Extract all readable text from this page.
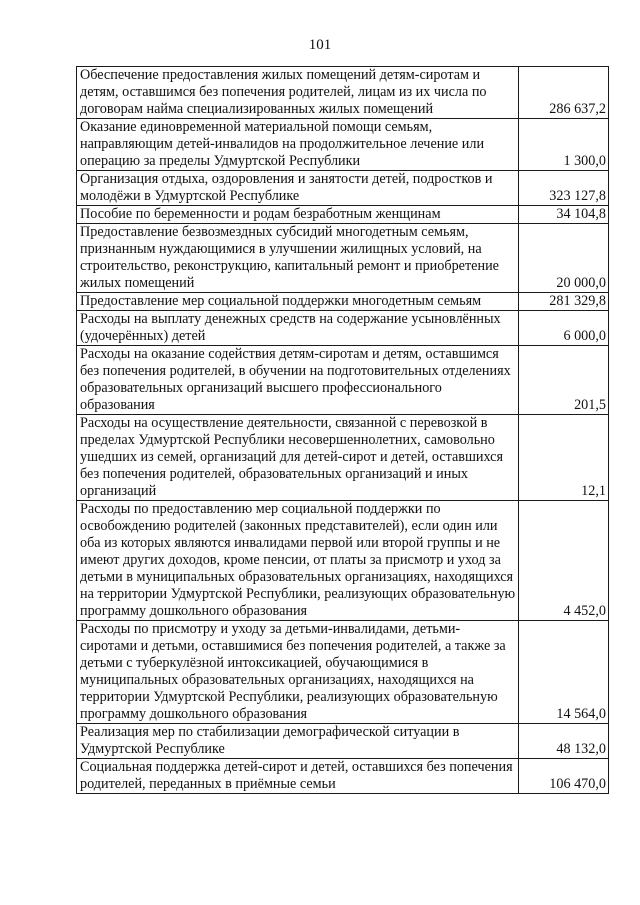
101
Обеспечение предоставления жилых помещений детям-сиротам и детям, оставшимся без попечения родителей, лицам из их числа по договорам найма специализированных жилых помещений	286 637,2
Оказание единовременной материальной помощи семьям, направляющим детей-инвалидов на продолжительное лечение или операцию за пределы Удмуртской Республики	1 300,0
Организация отдыха, оздоровления и занятости детей, подростков и молодёжи в Удмуртской Республике	323 127,8
Пособие по беременности и родам безработным женщинам	34 104,8
Предоставление безвозмездных субсидий многодетным семьям, признанным нуждающимися в улучшении жилищных условий, на строительство, реконструкцию, капитальный ремонт и приобретение жилых помещений	20 000,0
Предоставление мер социальной поддержки многодетным семьям	281 329,8
Расходы на выплату денежных средств на содержание усыновлённых (удочерённых) детей	6 000,0
Расходы на оказание содействия детям-сиротам и детям, оставшимся без попечения родителей, в обучении на подготовительных отделениях образовательных организаций высшего профессионального образования	201,5
Расходы на осуществление деятельности, связанной с перевозкой в пределах Удмуртской Республики несовершеннолетних, самовольно ушедших из семей, организаций для детей-сирот и детей, оставшихся без попечения родителей, образовательных организаций и иных организаций	12,1
Расходы по предоставлению мер социальной поддержки по освобождению родителей (законных представителей), если один или оба из которых являются инвалидами первой или второй группы и не имеют других доходов, кроме пенсии, от платы за присмотр и уход за детьми в муниципальных образовательных организациях, находящихся на территории Удмуртской Республики, реализующих образовательную программу дошкольного образования	4 452,0
Расходы по присмотру и уходу за детьми-инвалидами, детьми-сиротами и детьми, оставшимися без попечения родителей, а также за детьми с туберкулёзной интоксикацией, обучающимися в муниципальных образовательных организациях, находящихся на территории Удмуртской Республики, реализующих образовательную программу дошкольного образования	14 564,0
Реализация мер по стабилизации демографической ситуации в Удмуртской Республике	48 132,0
Социальная поддержка детей-сирот и детей, оставшихся без попечения родителей, переданных в приёмные семьи	106 470,0
